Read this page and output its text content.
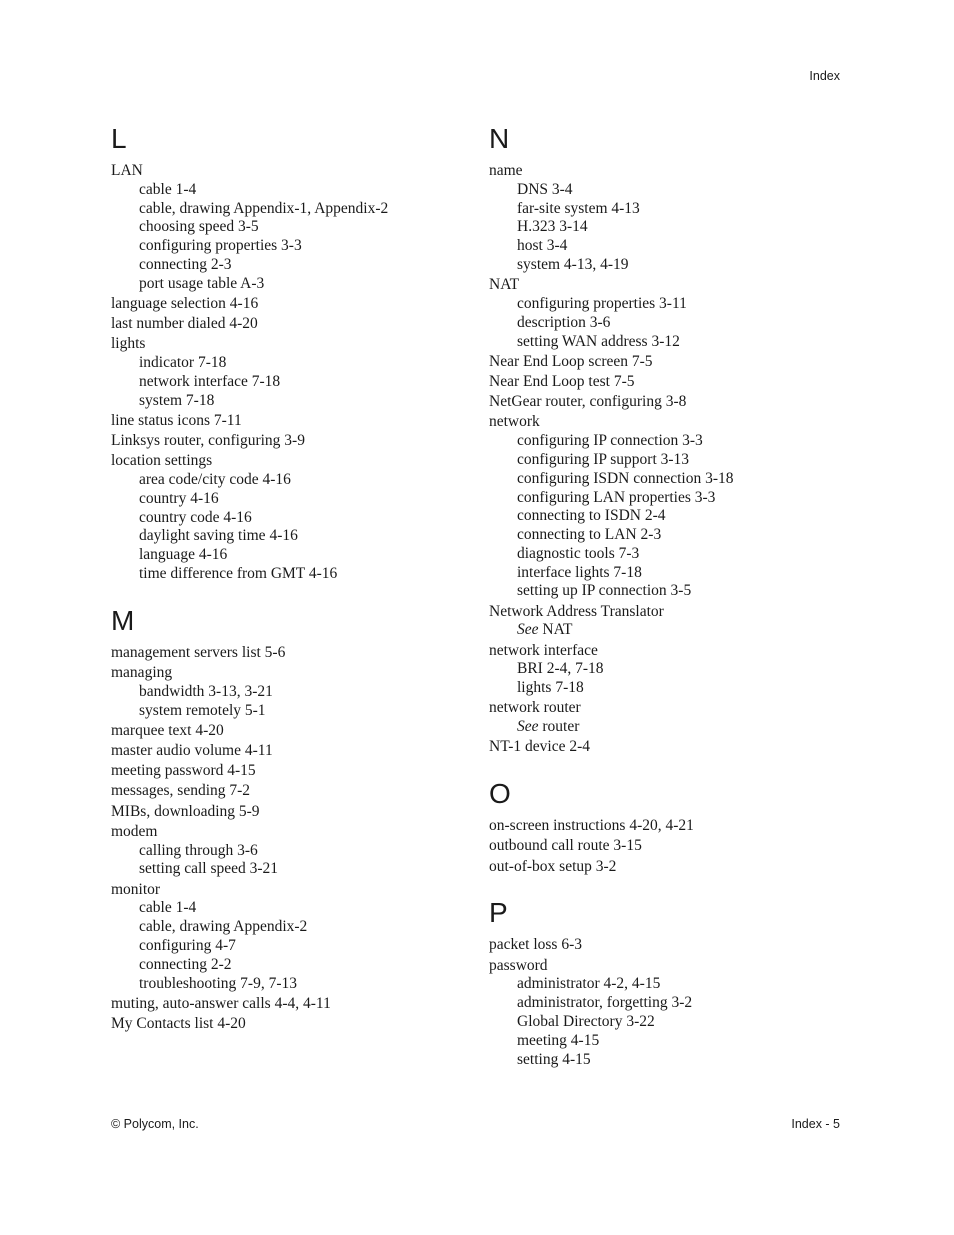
Index
L
LAN
cable 1-4
cable, drawing Appendix-1, Appendix-2
choosing speed 3-5
configuring properties 3-3
connecting 2-3
port usage table A-3
language selection 4-16
last number dialed 4-20
lights
indicator 7-18
network interface 7-18
system 7-18
line status icons 7-11
Linksys router, configuring 3-9
location settings
area code/city code 4-16
country 4-16
country code 4-16
daylight saving time 4-16
language 4-16
time difference from GMT 4-16
M
management servers list 5-6
managing
bandwidth 3-13, 3-21
system remotely 5-1
marquee text 4-20
master audio volume 4-11
meeting password 4-15
messages, sending 7-2
MIBs, downloading 5-9
modem
calling through 3-6
setting call speed 3-21
monitor
cable 1-4
cable, drawing Appendix-2
configuring 4-7
connecting 2-2
troubleshooting 7-9, 7-13
muting, auto-answer calls 4-4, 4-11
My Contacts list 4-20
N
name
DNS 3-4
far-site system 4-13
H.323 3-14
host 3-4
system 4-13, 4-19
NAT
configuring properties 3-11
description 3-6
setting WAN address 3-12
Near End Loop screen 7-5
Near End Loop test 7-5
NetGear router, configuring 3-8
network
configuring IP connection 3-3
configuring IP support 3-13
configuring ISDN connection 3-18
configuring LAN properties 3-3
connecting to ISDN 2-4
connecting to LAN 2-3
diagnostic tools 7-3
interface lights 7-18
setting up IP connection 3-5
Network Address Translator
See NAT
network interface
BRI 2-4, 7-18
lights 7-18
network router
See router
NT-1 device 2-4
O
on-screen instructions 4-20, 4-21
outbound call route 3-15
out-of-box setup 3-2
P
packet loss 6-3
password
administrator 4-2, 4-15
administrator, forgetting 3-2
Global Directory 3-22
meeting 4-15
setting 4-15
© Polycom, Inc.	Index - 5
